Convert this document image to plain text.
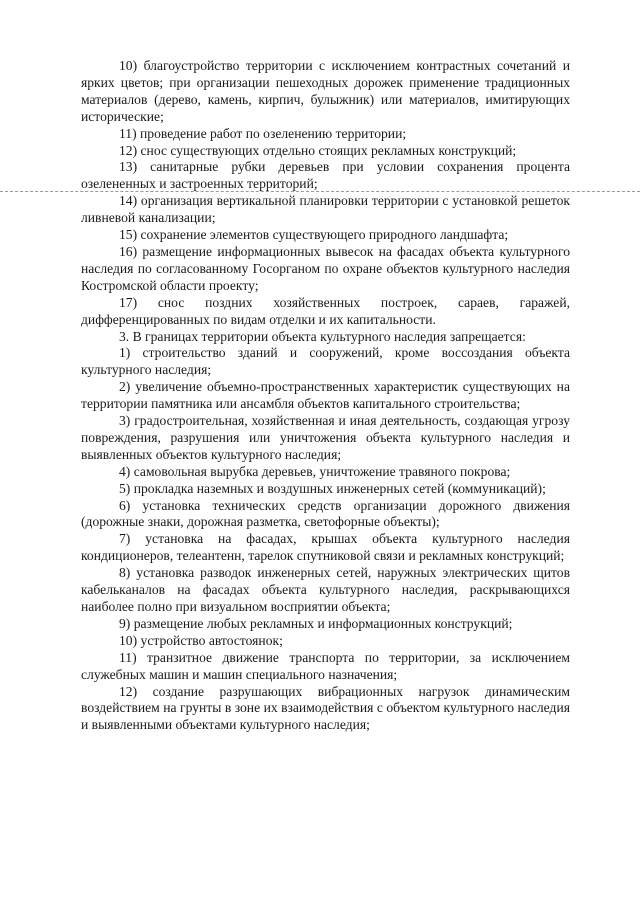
10) благоустройство территории с исключением контрастных сочетаний и ярких цветов; при организации пешеходных дорожек применение традиционных материалов (дерево, камень, кирпич, булыжник) или материалов, имитирующих исторические;

11) проведение работ по озеленению территории;

12) снос существующих отдельно стоящих рекламных конструкций;

13) санитарные рубки деревьев при условии сохранения процента озелененных и застроенных территорий;

14) организация вертикальной планировки территории с установкой решеток ливневой канализации;

15) сохранение элементов существующего природного ландшафта;

16) размещение информационных вывесок на фасадах объекта культурного наследия по согласованному Госорганом по охране объектов культурного наследия Костромской области проекту;

17) снос поздних хозяйственных построек, сараев, гаражей, дифференцированных по видам отделки и их капитальности.

3. В границах территории объекта культурного наследия запрещается:

1) строительство зданий и сооружений, кроме воссоздания объекта культурного наследия;

2) увеличение объемно-пространственных характеристик существующих на территории памятника или ансамбля объектов капитального строительства;

3) градостроительная, хозяйственная и иная деятельность, создающая угрозу повреждения, разрушения или уничтожения объекта культурного наследия и выявленных объектов культурного наследия;

4) самовольная вырубка деревьев, уничтожение травяного покрова;

5) прокладка наземных и воздушных инженерных сетей (коммуникаций);

6) установка технических средств организации дорожного движения (дорожные знаки, дорожная разметка, светофорные объекты);

7) установка на фасадах, крышах объекта культурного наследия кондиционеров, телеантенн, тарелок спутниковой связи и рекламных конструкций;

8) установка разводок инженерных сетей, наружных электрических щитов кабельканалов на фасадах объекта культурного наследия, раскрывающихся наиболее полно при визуальном восприятии объекта;

9) размещение любых рекламных и информационных конструкций;

10) устройство автостоянок;

11) транзитное движение транспорта по территории, за исключением служебных машин и машин специального назначения;

12) создание разрушающих вибрационных нагрузок динамическим воздействием на грунты в зоне их взаимодействия с объектом культурного наследия и выявленными объектами культурного наследия;
